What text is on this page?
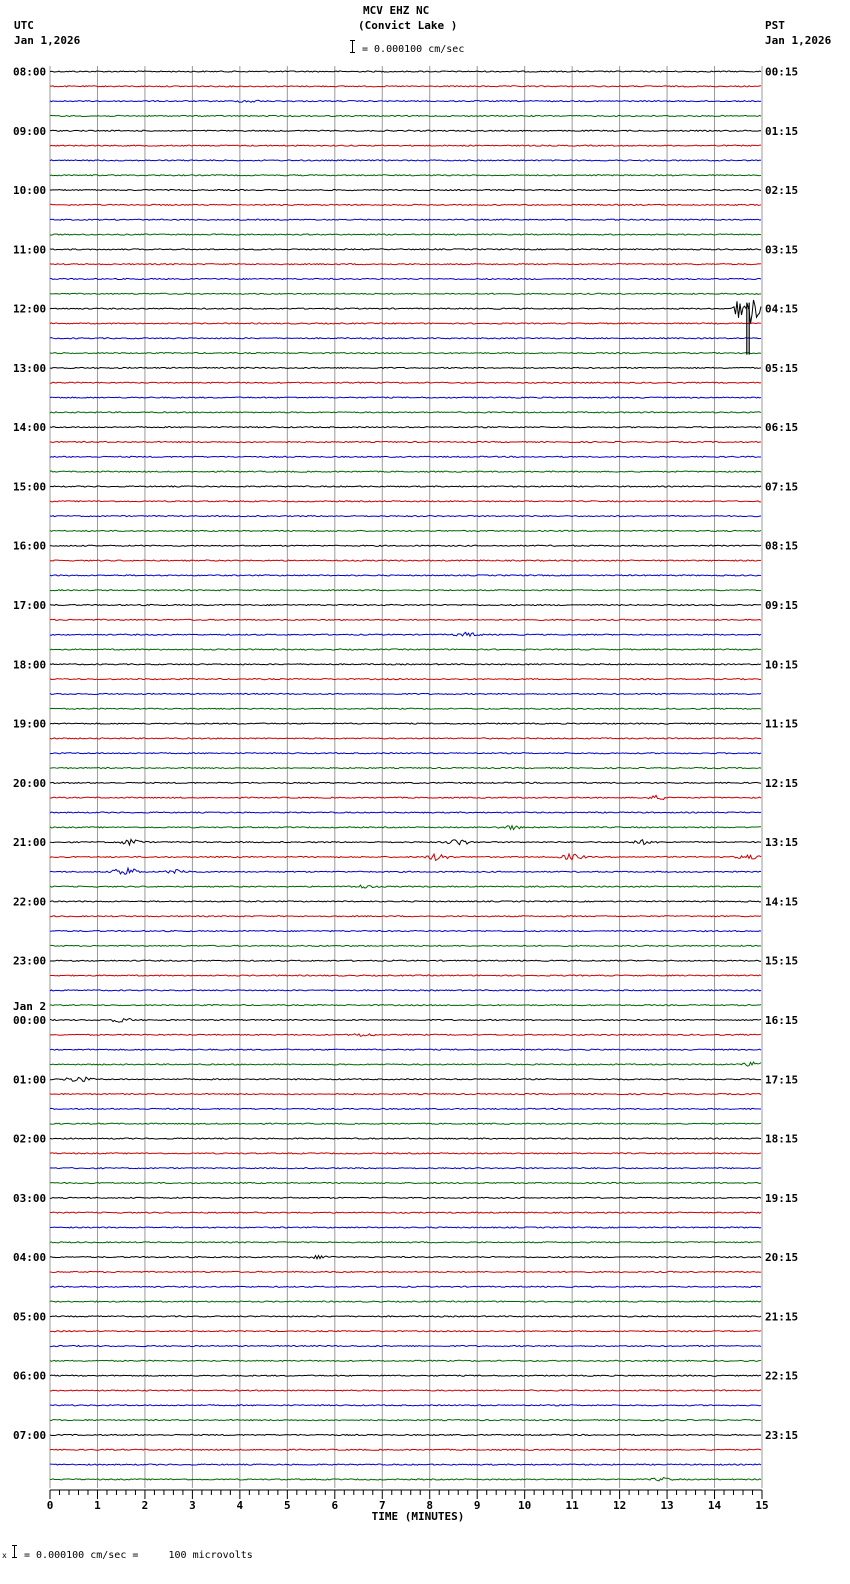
MCV EHZ NC
(Convict Lake )
= 0.000100 cm/sec
UTC
Jan 1,2026
PST
Jan 1,2026
08:00	00:15
09:00	01:15
10:00	02:15
11:00	03:15
12:00	04:15
13:00	05:15
14:00	06:15
15:00	07:15
16:00	08:15
17:00	09:15
18:00	10:15
19:00	11:15
20:00	12:15
21:00	13:15
22:00	14:15
23:00	15:15
00:00	16:15
01:00	17:15
02:00	18:15
03:00	19:15
04:00	20:15
05:00	21:15
06:00	22:15
07:00	23:15
Jan 2
0	1	2	3	4	5	6	7	8	9	10	11	12	13	14	15
TIME (MINUTES)
x = 0.000100 cm/sec =     100 microvolts
